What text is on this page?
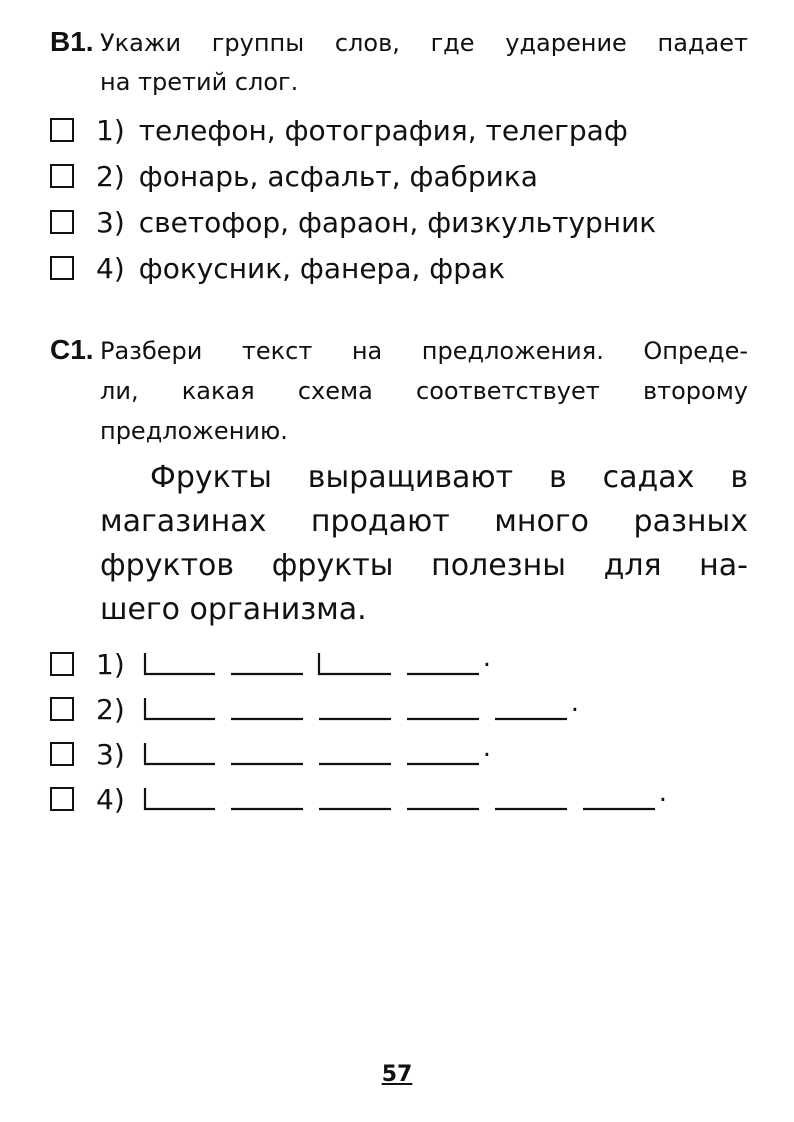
В1. Укажи группы слов, где ударение падает
на третий слог.
1) телефон, фотография, телеграф
2) фонарь, асфальт, фабрика
3) светофор, фараон, физкультурник
4) фокусник, фанера, фрак
С1. Разбери текст на предложения. Опреде-
ли, какая схема соответствует второму
предложению.
Фрукты выращивают в садах в
магазинах продают много разных
фруктов фрукты полезны для на-
шего организма.
1)	.
2)	.
3)	.
4)	.
57
